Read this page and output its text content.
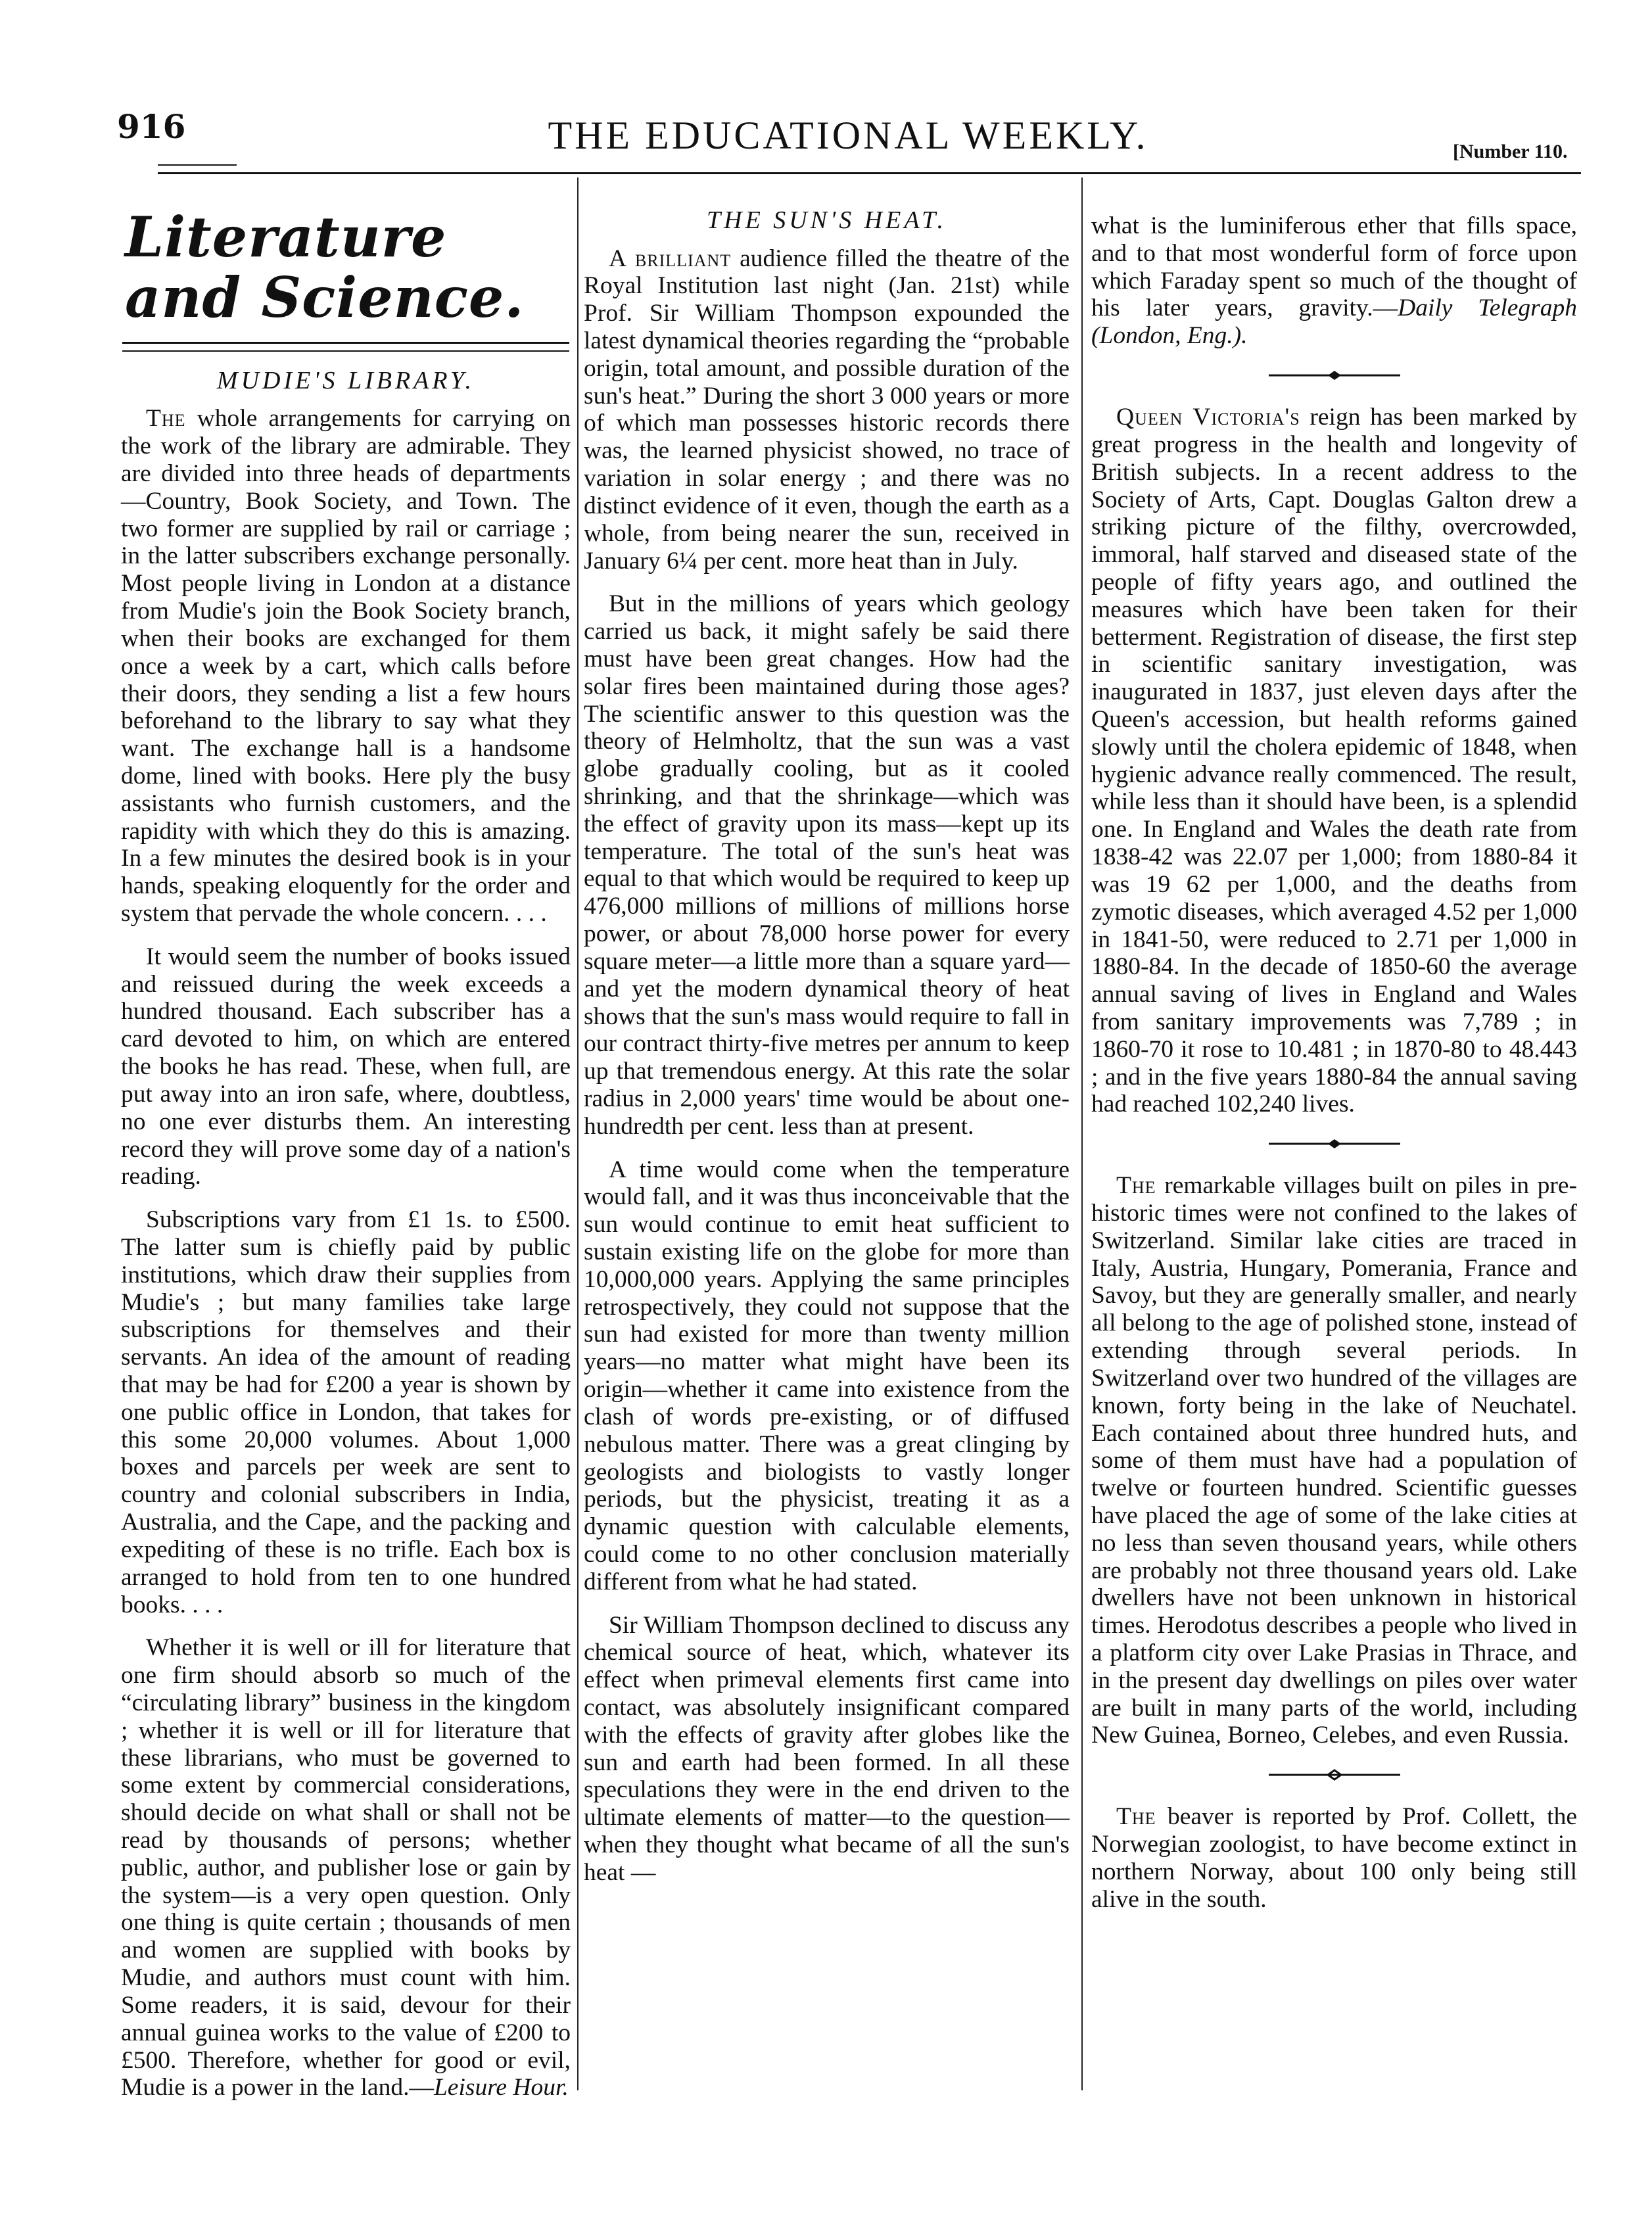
916	THE EDUCATIONAL WEEKLY.	[Number 110.
Literature and Science.
MUDIE'S LIBRARY.

The whole arrangements for carrying on the work of the library are admirable. They are divided into three heads of departments—Country, Book Society, and Town. The two former are supplied by rail or carriage ; in the latter subscribers exchange personally. Most people living in London at a distance from Mudie's join the Book Society branch, when their books are exchanged for them once a week by a cart, which calls before their doors, they sending a list a few hours beforehand to the library to say what they want. The exchange hall is a handsome dome, lined with books. Here ply the busy assistants who furnish customers, and the rapidity with which they do this is amazing. In a few minutes the desired book is in your hands, speaking eloquently for the order and system that pervade the whole concern. . . .

It would seem the number of books issued and reissued during the week exceeds a hundred thousand. Each subscriber has a card devoted to him, on which are entered the books he has read. These, when full, are put away into an iron safe, where, doubtless, no one ever disturbs them. An interesting record they will prove some day of a nation's reading.

Subscriptions vary from £1 1s. to £500. The latter sum is chiefly paid by public institutions, which draw their supplies from Mudie's ; but many families take large subscriptions for themselves and their servants. An idea of the amount of reading that may be had for £200 a year is shown by one public office in London, that takes for this some 20,000 volumes. About 1,000 boxes and parcels per week are sent to country and colonial subscribers in India, Australia, and the Cape, and the packing and expediting of these is no trifle. Each box is arranged to hold from ten to one hundred books. . . .

Whether it is well or ill for literature that one firm should absorb so much of the “circulating library” business in the kingdom ; whether it is well or ill for literature that these librarians, who must be governed to some extent by commercial considerations, should decide on what shall or shall not be read by thousands of persons; whether public, author, and publisher lose or gain by the system—is a very open question. Only one thing is quite certain ; thousands of men and women are supplied with books by Mudie, and authors must count with him. Some readers, it is said, devour for their annual guinea works to the value of £200 to £500. Therefore, whether for good or evil, Mudie is a power in the land.—Leisure Hour.

THE SUN'S HEAT.

A brilliant audience filled the theatre of the Royal Institution last night (Jan. 21st) while Prof. Sir William Thompson expounded the latest dynamical theories regarding the “probable origin, total amount, and possible duration of the sun's heat.” During the short 3 000 years or more of which man possesses historic records there was, the learned physicist showed, no trace of variation in solar energy ; and there was no distinct evidence of it even, though the earth as a whole, from being nearer the sun, received in January 6¼ per cent. more heat than in July.

But in the millions of years which geology carried us back, it might safely be said there must have been great changes. How had the solar fires been maintained during those ages? The scientific answer to this question was the theory of Helmholtz, that the sun was a vast globe gradually cooling, but as it cooled shrinking, and that the shrinkage—which was the effect of gravity upon its mass—kept up its temperature. The total of the sun's heat was equal to that which would be required to keep up 476,000 millions of millions of millions horse power, or about 78,000 horse power for every square meter—a little more than a square yard—and yet the modern dynamical theory of heat shows that the sun's mass would require to fall in our contract thirty-five metres per annum to keep up that tremendous energy. At this rate the solar radius in 2,000 years' time would be about one-hundredth per cent. less than at present.

A time would come when the temperature would fall, and it was thus inconceivable that the sun would continue to emit heat sufficient to sustain existing life on the globe for more than 10,000,000 years. Applying the same principles retrospectively, they could not suppose that the sun had existed for more than twenty million years—no matter what might have been its origin—whether it came into existence from the clash of words pre-existing, or of diffused nebulous matter. There was a great clinging by geologists and biologists to vastly longer periods, but the physicist, treating it as a dynamic question with calculable elements, could come to no other conclusion materially different from what he had stated.

Sir William Thompson declined to discuss any chemical source of heat, which, whatever its effect when primeval elements first came into contact, was absolutely insignificant compared with the effects of gravity after globes like the sun and earth had been formed. In all these speculations they were in the end driven to the ultimate elements of matter—to the question—when they thought what became of all the sun's heat —

what is the luminiferous ether that fills space, and to that most wonderful form of force upon which Faraday spent so much of the thought of his later years, gravity.—Daily Telegraph (London, Eng.).

Queen Victoria's reign has been marked by great progress in the health and longevity of British subjects. In a recent address to the Society of Arts, Capt. Douglas Galton drew a striking picture of the filthy, overcrowded, immoral, half starved and diseased state of the people of fifty years ago, and outlined the measures which have been taken for their betterment. Registration of disease, the first step in scientific sanitary investigation, was inaugurated in 1837, just eleven days after the Queen's accession, but health reforms gained slowly until the cholera epidemic of 1848, when hygienic advance really commenced. The result, while less than it should have been, is a splendid one. In England and Wales the death rate from 1838-42 was 22.07 per 1,000; from 1880-84 it was 19 62 per 1,000, and the deaths from zymotic diseases, which averaged 4.52 per 1,000 in 1841-50, were reduced to 2.71 per 1,000 in 1880-84. In the decade of 1850-60 the average annual saving of lives in England and Wales from sanitary improvements was 7,789 ; in 1860-70 it rose to 10.481 ; in 1870-80 to 48.443 ; and in the five years 1880-84 the annual saving had reached 102,240 lives.

The remarkable villages built on piles in pre-historic times were not confined to the lakes of Switzerland. Similar lake cities are traced in Italy, Austria, Hungary, Pomerania, France and Savoy, but they are generally smaller, and nearly all belong to the age of polished stone, instead of extending through several periods. In Switzerland over two hundred of the villages are known, forty being in the lake of Neuchatel. Each contained about three hundred huts, and some of them must have had a population of twelve or fourteen hundred. Scientific guesses have placed the age of some of the lake cities at no less than seven thousand years, while others are probably not three thousand years old. Lake dwellers have not been unknown in historical times. Herodotus describes a people who lived in a platform city over Lake Prasias in Thrace, and in the present day dwellings on piles over water are built in many parts of the world, including New Guinea, Borneo, Celebes, and even Russia.

The beaver is reported by Prof. Collett, the Norwegian zoologist, to have become extinct in northern Norway, about 100 only being still alive in the south.
